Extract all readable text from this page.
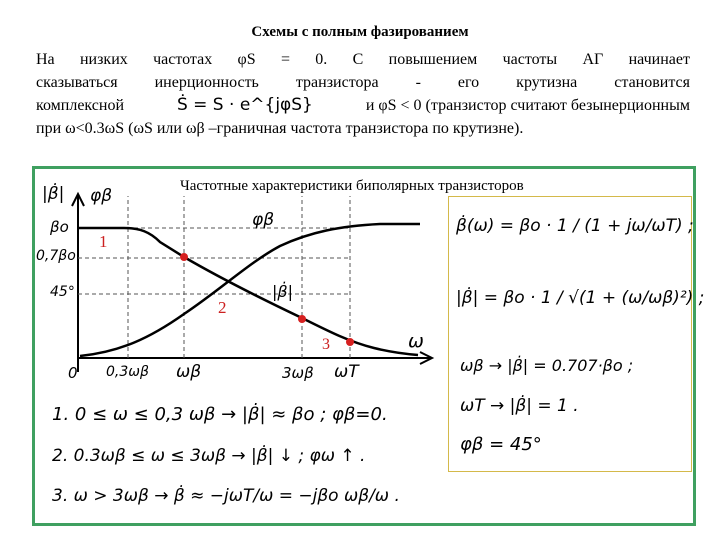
Схемы с полным фазированием
На низких частотах φS = 0. С повышением частоты АГ начинает
сказываться инерционность транзистора - его крутизна становится
комплексной	Ṡ = S · e^{jφS}	и φS < 0 (транзистор считают безынерционным
при ω<0.3ωS (ωS или ωβ –граничная частота транзистора по крутизне).
Частотные характеристики биполярных транзисторов
|β̇| φβ
βo
0,7βo
45°
0 0,3ωβ ωβ	3ωβ ωT
ω
φβ
|β̇|
1
2
3
β̇(ω) = βo · 1 / (1 + jω/ωT) ;
|β̇| = βo · 1 / √(1 + (ω/ωβ)²) ;
ωβ → |β̇| = 0.707·βo ;
ωT → |β̇| = 1 .
φβ = 45°
1. 0 ≤ ω ≤ 0,3 ωβ → |β̇| ≈ βo ; φβ=0.
2. 0.3ωβ ≤ ω ≤ 3ωβ → |β̇| ↓ ; φω ↑ .
3. ω > 3ωβ → β̇ ≈ −jωT/ω = −jβo ωβ/ω .
